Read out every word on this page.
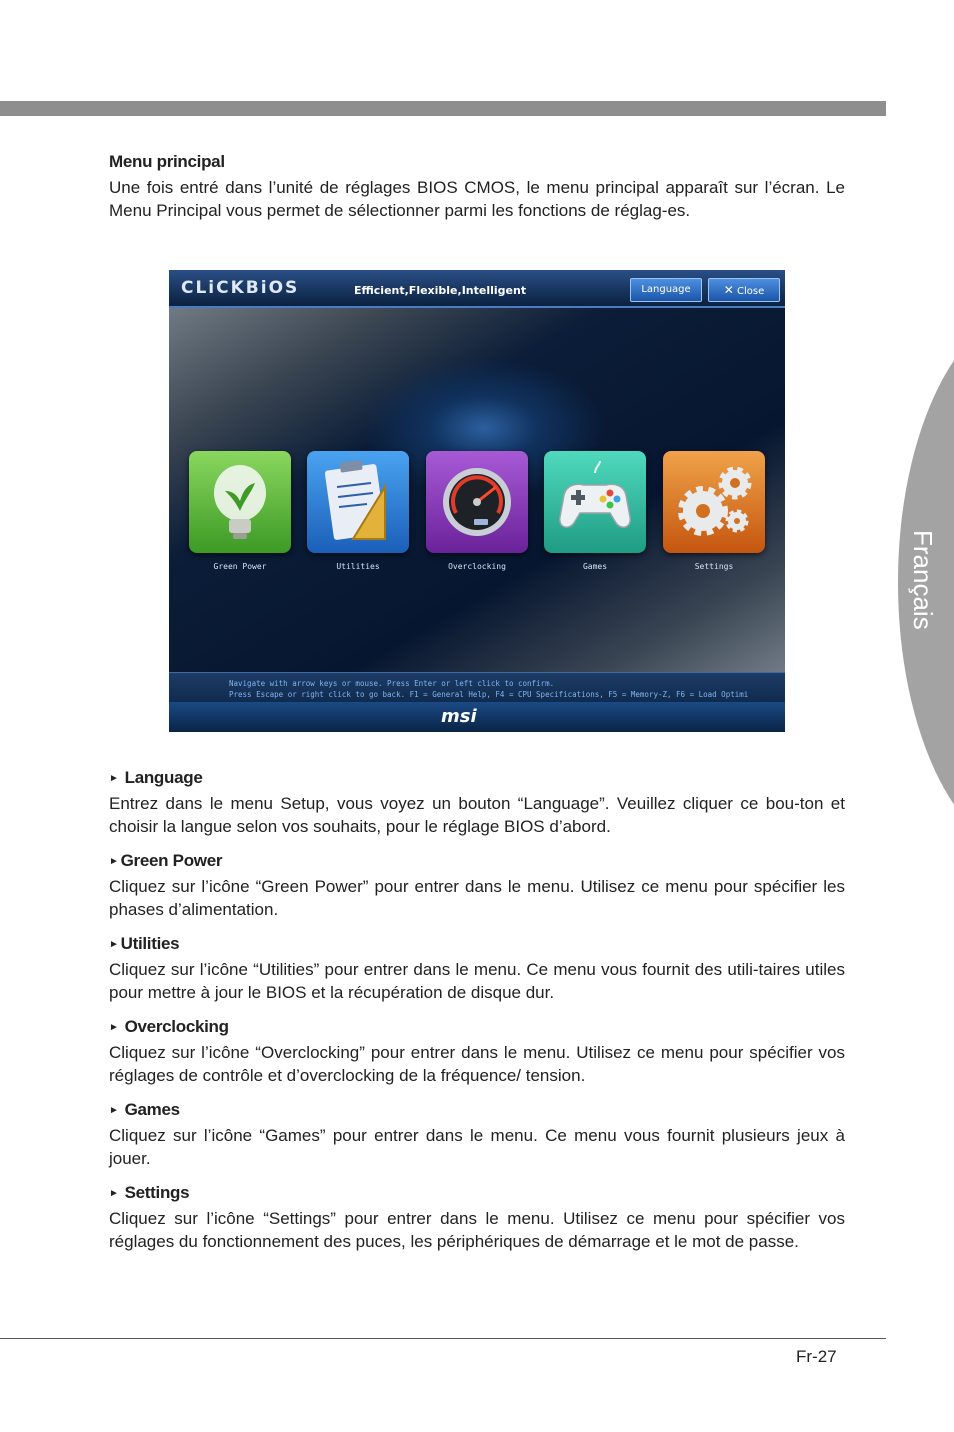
Français

Menu principal

Une fois entré dans l’unité de réglages BIOS CMOS, le menu principal apparaît sur l’écran. Le Menu Principal vous permet de sélectionner parmi les fonctions de réglag-es.

CLiCKBiOS	Efficient,Flexible,Intelligent	Language	✕ Close
Green Power	Utilities	Overclocking	Games	Settings
Navigate with arrow keys or mouse. Press Enter or left click to confirm.
Press Escape or right click to go back. F1 = General Help, F4 = CPU Specifications, F5 = Memory-Z, F6 = Load Optimi
msi

► Language

Entrez dans le menu Setup, vous voyez un bouton “Language”. Veuillez cliquer ce bou-ton et choisir la langue selon vos souhaits, pour le réglage BIOS d’abord.

► Green Power

Cliquez sur l’icône “Green Power” pour entrer dans le menu. Utilisez ce menu pour spécifier les phases d’alimentation.

► Utilities

Cliquez sur l’icône “Utilities” pour entrer dans le menu. Ce menu vous fournit des utili-taires utiles pour mettre à jour le BIOS et la récupération de disque dur.

► Overclocking

Cliquez sur l’icône “Overclocking” pour entrer dans le menu. Utilisez ce menu pour spécifier vos réglages de contrôle et d’overclocking de la fréquence/ tension.

► Games

Cliquez sur l’icône “Games” pour entrer dans le menu. Ce menu vous fournit plusieurs jeux à jouer.

► Settings

Cliquez sur l’icône “Settings” pour entrer dans le menu. Utilisez ce menu pour spécifier vos réglages du fonctionnement des puces, les périphériques de démarrage et le mot de passe.

Fr-27
